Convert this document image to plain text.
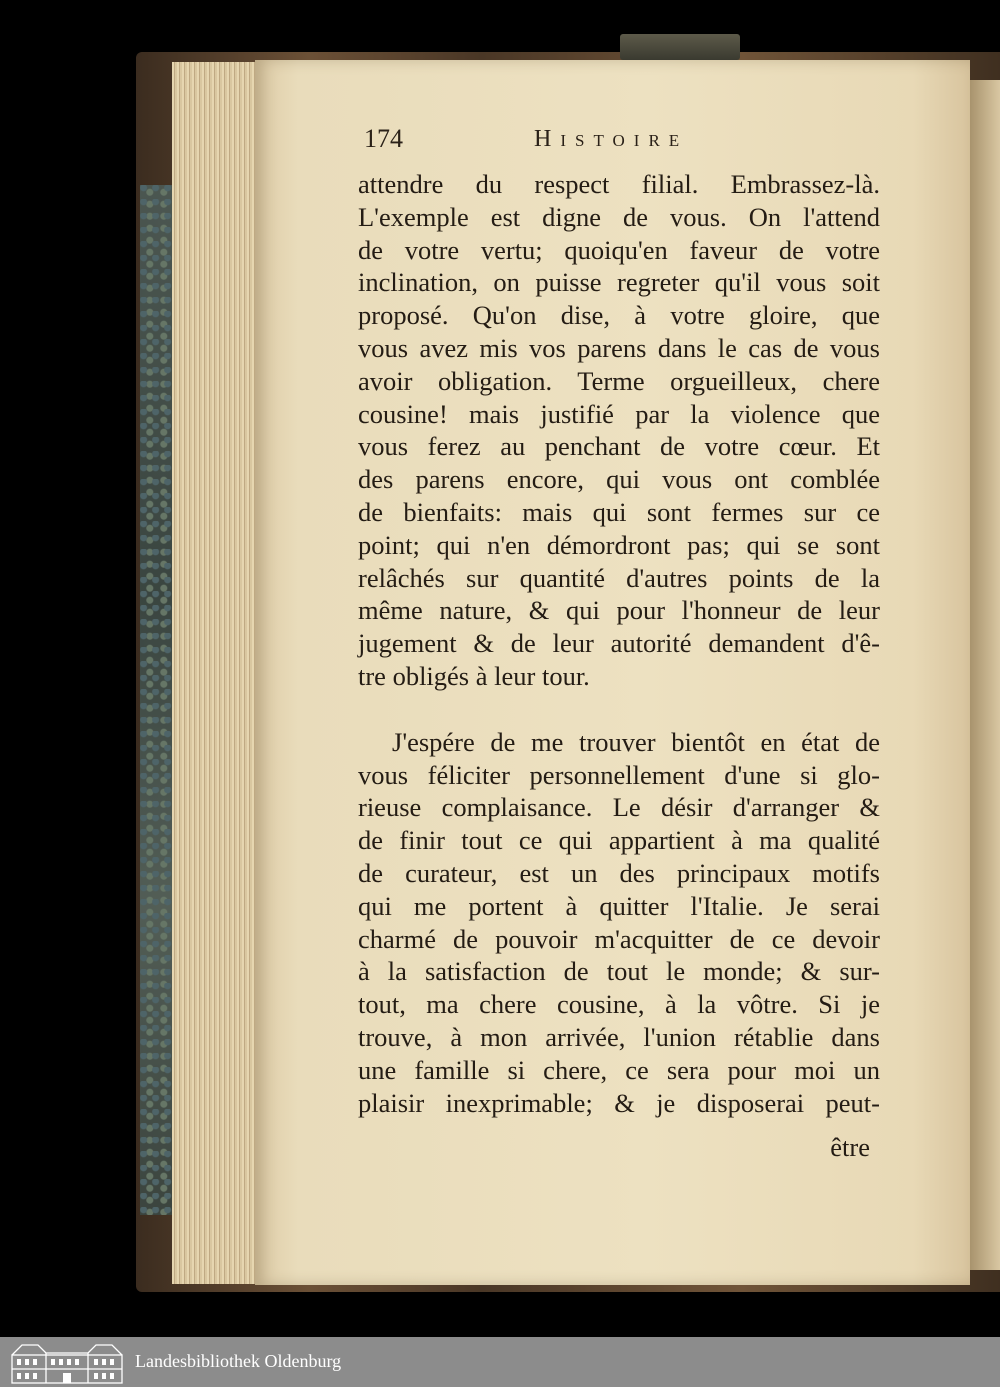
174	Histoire
attendre du respect filial. Embrassez-là.
L'exemple est digne de vous. On l'attend
de votre vertu; quoiqu'en faveur de votre
inclination, on puisse regreter qu'il vous soit
proposé. Qu'on dise, à votre gloire, que
vous avez mis vos parens dans le cas de vous
avoir obligation. Terme orgueilleux, chere
cousine! mais justifié par la violence que
vous ferez au penchant de votre cœur. Et
des parens encore, qui vous ont comblée
de bienfaits: mais qui sont fermes sur ce
point; qui n'en démordront pas; qui se sont
relâchés sur quantité d'autres points de la
même nature, & qui pour l'honneur de leur
jugement & de leur autorité demandent d'ê-
tre obligés à leur tour.
J'espére de me trouver bientôt en état de
vous féliciter personnellement d'une si glo-
rieuse complaisance. Le désir d'arranger &
de finir tout ce qui appartient à ma qualité
de curateur, est un des principaux motifs
qui me portent à quitter l'Italie. Je serai
charmé de pouvoir m'acquitter de ce devoir
à la satisfaction de tout le monde; & sur-
tout, ma chere cousine, à la vôtre. Si je
trouve, à mon arrivée, l'union rétablie dans
une famille si chere, ce sera pour moi un
plaisir inexprimable; & je disposerai peut-
être
Landesbibliothek Oldenburg
